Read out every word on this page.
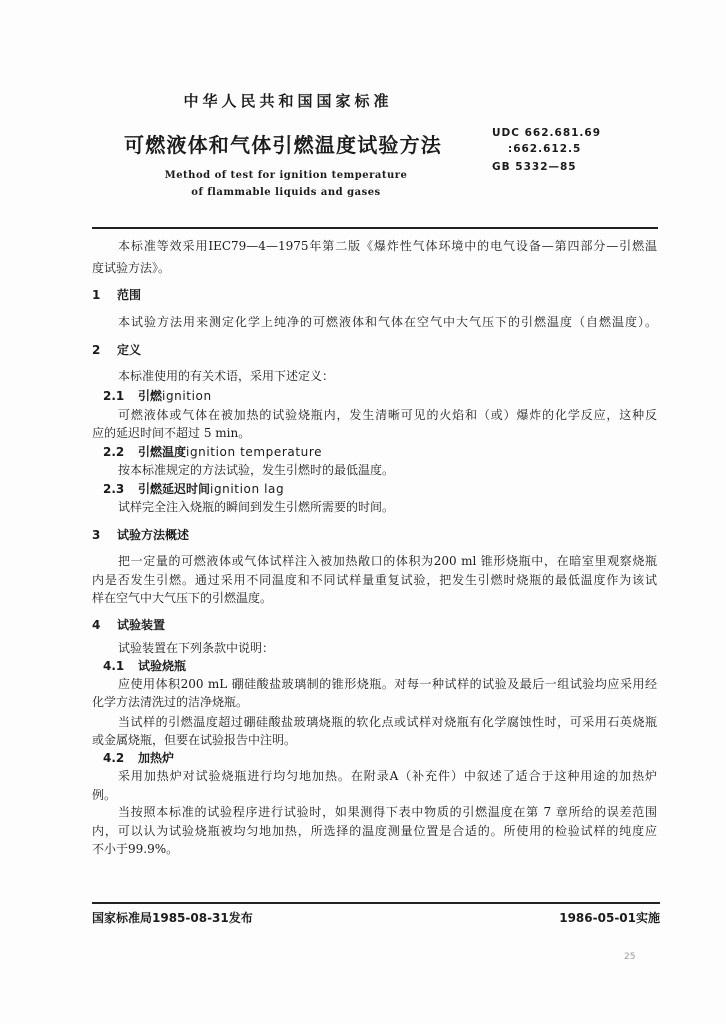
中华人民共和国国家标准
可燃液体和气体引燃温度试验方法
Method of test for ignition temperature
of flammable liquids and gases
UDC 662.681.69
:662.612.5
GB 5332—85
本标准等效采用IEC79—4—1975年第二版《爆炸性气体环境中的电气设备—第四部分—引燃温
度试验方法》。
1 范围
本试验方法用来测定化学上纯净的可燃液体和气体在空气中大气压下的引燃温度（自燃温度）。
2 定义
本标准使用的有关术语，采用下述定义：
2.1 引燃ignition
可燃液体或气体在被加热的试验烧瓶内，发生清晰可见的火焰和（或）爆炸的化学反应，这种反
应的延迟时间不超过 5 min。
2.2 引燃温度ignition temperature
按本标准规定的方法试验，发生引燃时的最低温度。
2.3 引燃延迟时间ignition lag
试样完全注入烧瓶的瞬间到发生引燃所需要的时间。
3 试验方法概述
把一定量的可燃液体或气体试样注入被加热敞口的体积为200 ml 锥形烧瓶中，在暗室里观察烧瓶
内是否发生引燃。通过采用不同温度和不同试样量重复试验，把发生引燃时烧瓶的最低温度作为该试
样在空气中大气压下的引燃温度。
4 试验装置
试验装置在下列条款中说明：
4.1 试验烧瓶
应使用体积200 mL 硼硅酸盐玻璃制的锥形烧瓶。对每一种试样的试验及最后一组试验均应采用经
化学方法清洗过的洁净烧瓶。
当试样的引燃温度超过硼硅酸盐玻璃烧瓶的软化点或试样对烧瓶有化学腐蚀性时，可采用石英烧瓶
或金属烧瓶，但要在试验报告中注明。
4.2 加热炉
采用加热炉对试验烧瓶进行均匀地加热。在附录A（补充件）中叙述了适合于这种用途的加热炉
例。
当按照本标准的试验程序进行试验时，如果测得下表中物质的引燃温度在第 7 章所给的误差范围
内，可以认为试验烧瓶被均匀地加热，所选择的温度测量位置是合适的。所使用的检验试样的纯度应
不小于99.9%。
国家标准局1985-08-31发布	1986-05-01实施
25
